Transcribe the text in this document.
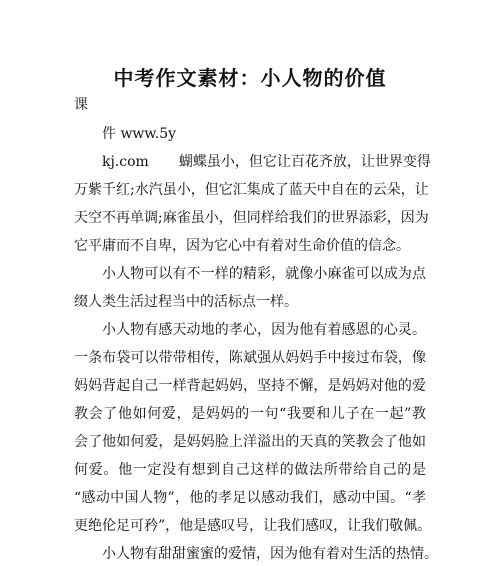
中考作文素材：小人物的价值
课
件 www.5y
kj.com 蝴蝶虽小，但它让百花齐放，让世界变得
万紫千红;水汽虽小，但它汇集成了蓝天中自在的云朵，让
天空不再单调;麻雀虽小，但同样给我们的世界添彩，因为
它平庸而不自卑，因为它心中有着对生命价值的信念。
小人物可以有不一样的精彩，就像小麻雀可以成为点
缀人类生活过程当中的活标点一样。
小人物有感天动地的孝心，因为他有着感恩的心灵。
一条布袋可以带带相传，陈斌强从妈妈手中接过布袋，像
妈妈背起自己一样背起妈妈，坚持不懈，是妈妈对他的爱
教会了他如何爱，是妈妈的一句“我要和儿子在一起”教
会了他如何爱，是妈妈脸上洋溢出的天真的笑教会了他如
何爱。他一定没有想到自己这样的做法所带给自己的是
“感动中国人物”，他的孝足以感动我们，感动中国。“孝
更绝伦足可矜”，他是感叹号，让我们感叹，让我们敬佩。
小人物有甜甜蜜蜜的爱情，因为他有着对生活的热情。
